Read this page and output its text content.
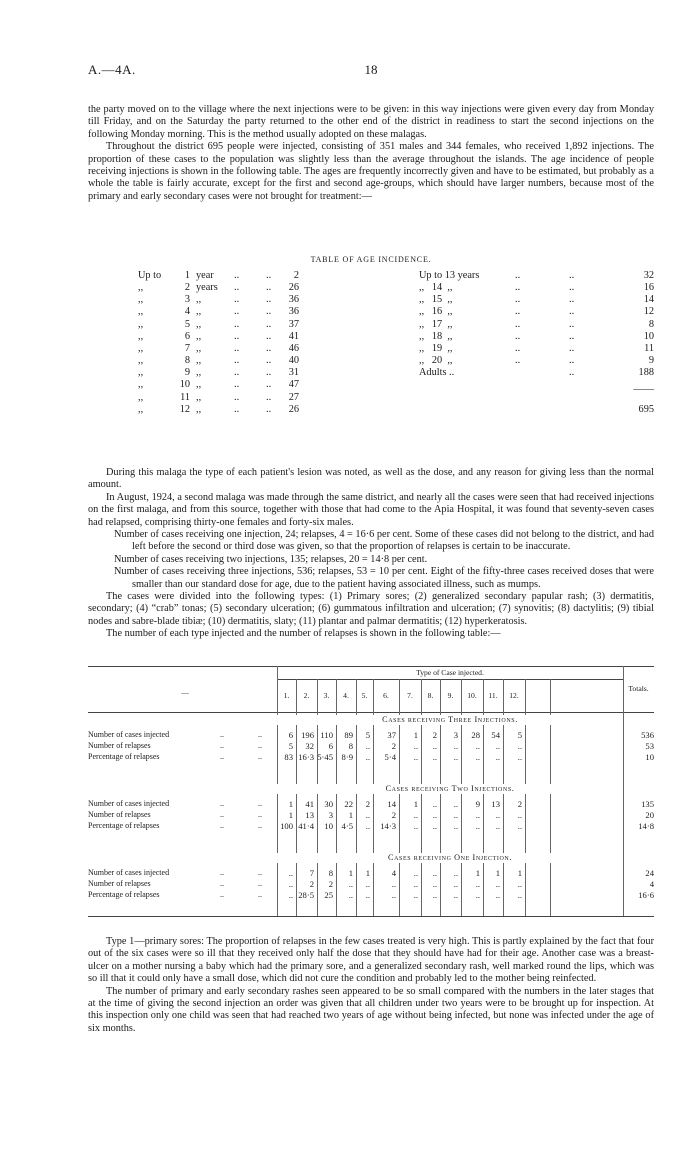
A.—4A.	18

the party moved on to the village where the next injections were to be given: in this way injections were given every day from Monday till Friday, and on the Saturday the party returned to the other end of the district in readiness to start the second injections on the following Monday morning. This is the method usually adopted on these malagas.

Throughout the district 695 people were injected, consisting of 351 males and 344 females, who received 1,892 injections. The proportion of these cases to the population was slightly less than the average throughout the islands. The age incidence of people receiving injections is shown in the following table. The ages are frequently incorrectly given and have to be estimated, but probably as a whole the table is fairly accurate, except for the first and second age-groups, which should have larger numbers, because most of the primary and early secondary cases were not brought for treatment:—

TABLE OF AGE INCIDENCE.
Up to	1 year ..	..	2
,,	2 years ..	..	26
,,	3 ,,	..	..	36
,,	4 ,,	..	..	36
,,	5 ,,	..	..	37
,,	6 ,,	..	..	41
,,	7 ,,	..	..	46
,,	8 ,,	..	..	40
,,	9 ,,	..	..	31
,,	10 ,,	..	..	47
,,	11 ,,	..	..	27
,,	12 ,,	..	..	26
Up to 13 years	..	..	32
,,   14  ,,	..	..	16
,,   15  ,,	..	..	14
,,   16  ,,	..	..	12
,,   17  ,,	..	..	8
,,   18  ,,	..	..	10
,,   19  ,,	..	..	11
,,   20  ,,	..	..	9
Adults ..	..	188
——
695

During this malaga the type of each patient's lesion was noted, as well as the dose, and any reason for giving less than the normal amount.

In August, 1924, a second malaga was made through the same district, and nearly all the cases were seen that had received injections on the first malaga, and from this source, together with those that had come to the Apia Hospital, it was found that seventy-seven cases had relapsed, comprising thirty-one females and forty-six males.

Number of cases receiving one injection, 24; relapses, 4 = 16·6 per cent. Some of these cases did not belong to the district, and had left before the second or third dose was given, so that the proportion of relapses is certain to be inaccurate.

Number of cases receiving two injections, 135; relapses, 20 = 14·8 per cent.

Number of cases receiving three injections, 536; relapses, 53 = 10 per cent. Eight of the fifty-three cases received doses that were smaller than our standard dose for age, due to the patient having associated illness, such as mumps.

The cases were divided into the following types: (1) Primary sores; (2) generalized secondary papular rash; (3) dermatitis, secondary; (4) “crab” tonas; (5) secondary ulceration; (6) gummatous infiltration and ulceration; (7) synovitis; (8) dactylitis; (9) tibial nodes and sabre-blade tibiæ; (10) dermatitis, slaty; (11) plantar and palmar dermatitis; (12) hyperkeratosis.

The number of each type injected and the number of relapses is shown in the following table:—

Type of Case injected.
—	Totals.
1.	2.	3.	4.	5.	6.	7.	8.	9.	10.	11.	12.
Cases receiving Three Injections.
Number of cases injected	..	..	6 196 110	89	5	37	1	2	3	28	54	5	536
Number of relapses	..	..	5	32	6	8	..	2	..	..	..	..	..	..	53
Percentage of relapses	..	..	83 16·3 5·45 8·9	..	5·4	..	..	..	..	..	..	10
Cases receiving Two Injections.
Number of cases injected	..	..	1	41	30	22	2	14	1	..	..	9	13	2	135
Number of relapses	..	..	1	13	3	1	..	2	..	..	..	..	..	..	20
Percentage of relapses	..	..	100 41·4	10 4·5	..	14·3	..	..	..	..	..	..	14·8
Cases receiving One Injection.
Number of cases injected	..	..	..	7	8	1	1	4	..	..	..	1	1	1	24
Number of relapses	..	..	..	2	2	..	..	..	..	..	..	..	..	..	4
Percentage of relapses	..	..	.. 28·5	25	..	..	..	..	..	..	..	..	..	16·6

Type 1—primary sores: The proportion of relapses in the few cases treated is very high. This is partly explained by the fact that four out of the six cases were so ill that they received only half the dose that they should have had for their age. Another case was a breast-ulcer on a mother nursing a baby which had the primary sore, and a generalized secondary rash, well marked round the lips, which was so ill that it could only have a small dose, which did not cure the condition and probably led to the mother being reinfected.

The number of primary and early secondary rashes seen appeared to be so small compared with the numbers in the later stages that at the time of giving the second injection an order was given that all children under two years were to be brought up for inspection. At this inspection only one child was seen that had reached two years of age without being infected, but none was infected under the age of six months.
